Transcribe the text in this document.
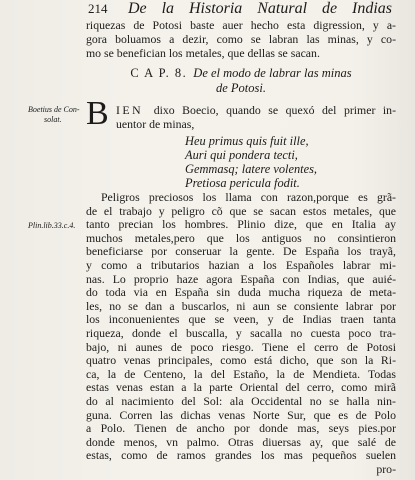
214 De la Historia Natural de Indias
riquezas de Potosi baste auer hecho esta digression, y a-
gora boluamos a dezir, como se labran las minas, y co-
mo se benefician los metales, que dellas se sacan.
C A P. 8. De el modo de labrar las minas
de Potosi.
Boetius de Con-
solat.
Plin.lib.33.c.4.
B IEN dixo Boecio, quando se quexó del primer in-
uentor de minas,
Heu primus quis fuit ille,
Auri qui pondera tecti,
Gemmasq; latere volentes,
Pretiosa pericula fodit.
Peligros preciosos los llama con razon,porque es grã-
de el trabajo y peligro cõ que se sacan estos metales, que
tanto precian los hombres. Plinio dize, que en Italia ay
muchos metales,pero que los antiguos no consintieron
beneficiarse por conseruar la gente. De España los trayã,
y como a tributarios hazian a los Españoles labrar mi-
nas. Lo proprio haze agora España con Indias, que auié-
do toda via en España sin duda mucha riqueza de meta-
les, no se dan a buscarlos, ni aun se consiente labrar por
los inconuenientes que se veen, y de Indias traen tanta
riqueza, donde el buscalla, y sacalla no cuesta poco tra-
bajo, ni aunes de poco riesgo. Tiene el cerro de Potosi
quatro venas principales, como está dicho, que son la Ri-
ca, la de Centeno, la del Estaño, la de Mendieta. Todas
estas venas estan a la parte Oriental del cerro, como mirã
do al nacimiento del Sol: ala Occidental no se halla nin-
guna. Corren las dichas venas Norte Sur, que es de Polo
a Polo. Tienen de ancho por donde mas, seys pies.por
donde menos, vn palmo. Otras diuersas ay, que salé de
estas, como de ramos grandes los mas pequeños suelen
pro-
